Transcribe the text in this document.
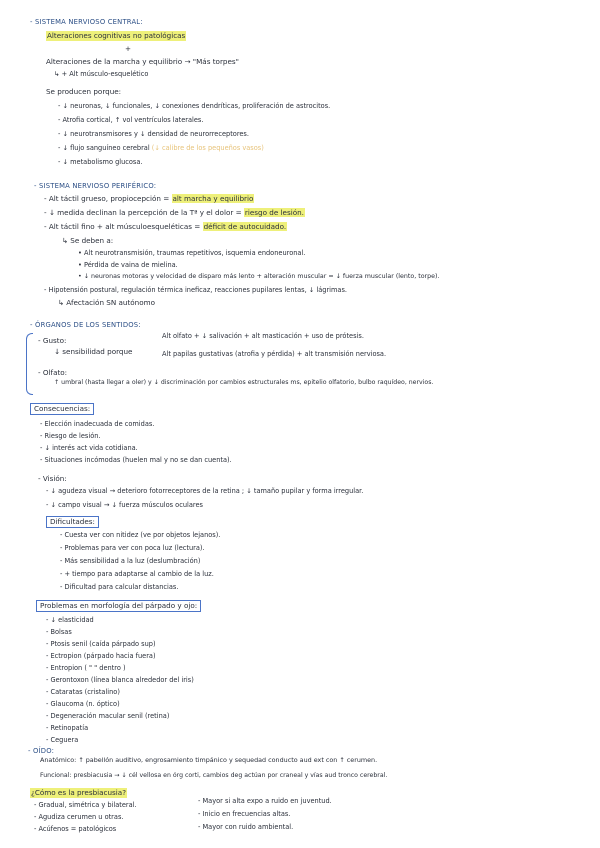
- SISTEMA NERVIOSO CENTRAL:
Alteraciones cognitivas no patológicas
+
Alteraciones de la marcha y equilibrio → "Más torpes"
↳ + Alt músculo-esquelético
Se producen porque:
- ↓ neuronas, ↓ funcionales, ↓ conexiones dendríticas, proliferación de astrocitos.
- Atrofia cortical, ↑ vol ventrículos laterales.
- ↓ neurotransmisores y ↓ densidad de neurorreceptores.
- ↓ flujo sanguíneo cerebral (↓ calibre de los pequeños vasos)
- ↓ metabolismo glucosa.
- SISTEMA NERVIOSO PERIFÉRICO:
- Alt táctil grueso, propiocepción = alt marcha y equilibrio
- ↓ medida declinan la percepción de la Tª y el dolor = riesgo de lesión.
- Alt táctil fino + alt músculoesqueléticas = déficit de autocuidado.
↳ Se deben a:
• Alt neurotransmisión, traumas repetitivos, isquemia endoneuronal.
• Pérdida de vaina de mielina.
• ↓ neuronas motoras y velocidad de disparo más lento + alteración muscular = ↓ fuerza muscular (lento, torpe).
- Hipotensión postural, regulación térmica ineficaz, reacciones pupilares lentas, ↓ lágrimas.
↳ Afectación SN autónomo
- ÓRGANOS DE LOS SENTIDOS:
- Gusto:
↓ sensibilidad porque
Alt olfato + ↓ salivación + alt masticación + uso de prótesis.
Alt papilas gustativas (atrofia y pérdida) + alt transmisión nerviosa.
- Olfato:
↑ umbral (hasta llegar a oler) y ↓ discriminación por cambios estructurales ms, epitelio olfatorio, bulbo raquídeo, nervios.
Consecuencias:
- Elección inadecuada de comidas.
- Riesgo de lesión.
- ↓ interés act vida cotidiana.
- Situaciones incómodas (huelen mal y no se dan cuenta).
- Visión:
- ↓ agudeza visual → deterioro fotorreceptores de la retina ; ↓ tamaño pupilar y forma irregular.
- ↓ campo visual → ↓ fuerza músculos oculares
Dificultades:
- Cuesta ver con nitidez (ve por objetos lejanos).
- Problemas para ver con poca luz (lectura).
- Más sensibilidad a la luz (deslumbración)
- + tiempo para adaptarse al cambio de la luz.
- Dificultad para calcular distancias.
Problemas en morfología del párpado y ojo:
- ↓ elasticidad
- Bolsas
- Ptosis senil (caída párpado sup)
- Ectropion (párpado hacia fuera)
- Entropion ( " " dentro )
- Gerontoxon (línea blanca alrededor del iris)
- Cataratas (cristalino)
- Glaucoma (n. óptico)
- Degeneración macular senil (retina)
- Retinopatía
- Ceguera
- OÍDO:
Anatómico: ↑ pabellón auditivo, engrosamiento timpánico y sequedad conducto aud ext con ↑ cerumen.
Funcional: presbiacusia → ↓ cél vellosa en órg corti, cambios deg actúan por craneal y vías aud tronco cerebral.
¿Cómo es la presbiacusia?
- Gradual, simétrica y bilateral.
- Agudiza cerumen u otras.
- Acúfenos = patológicos
- Mayor si alta expo a ruido en juventud.
- Inicio en frecuencias altas.
- Mayor con ruido ambiental.
